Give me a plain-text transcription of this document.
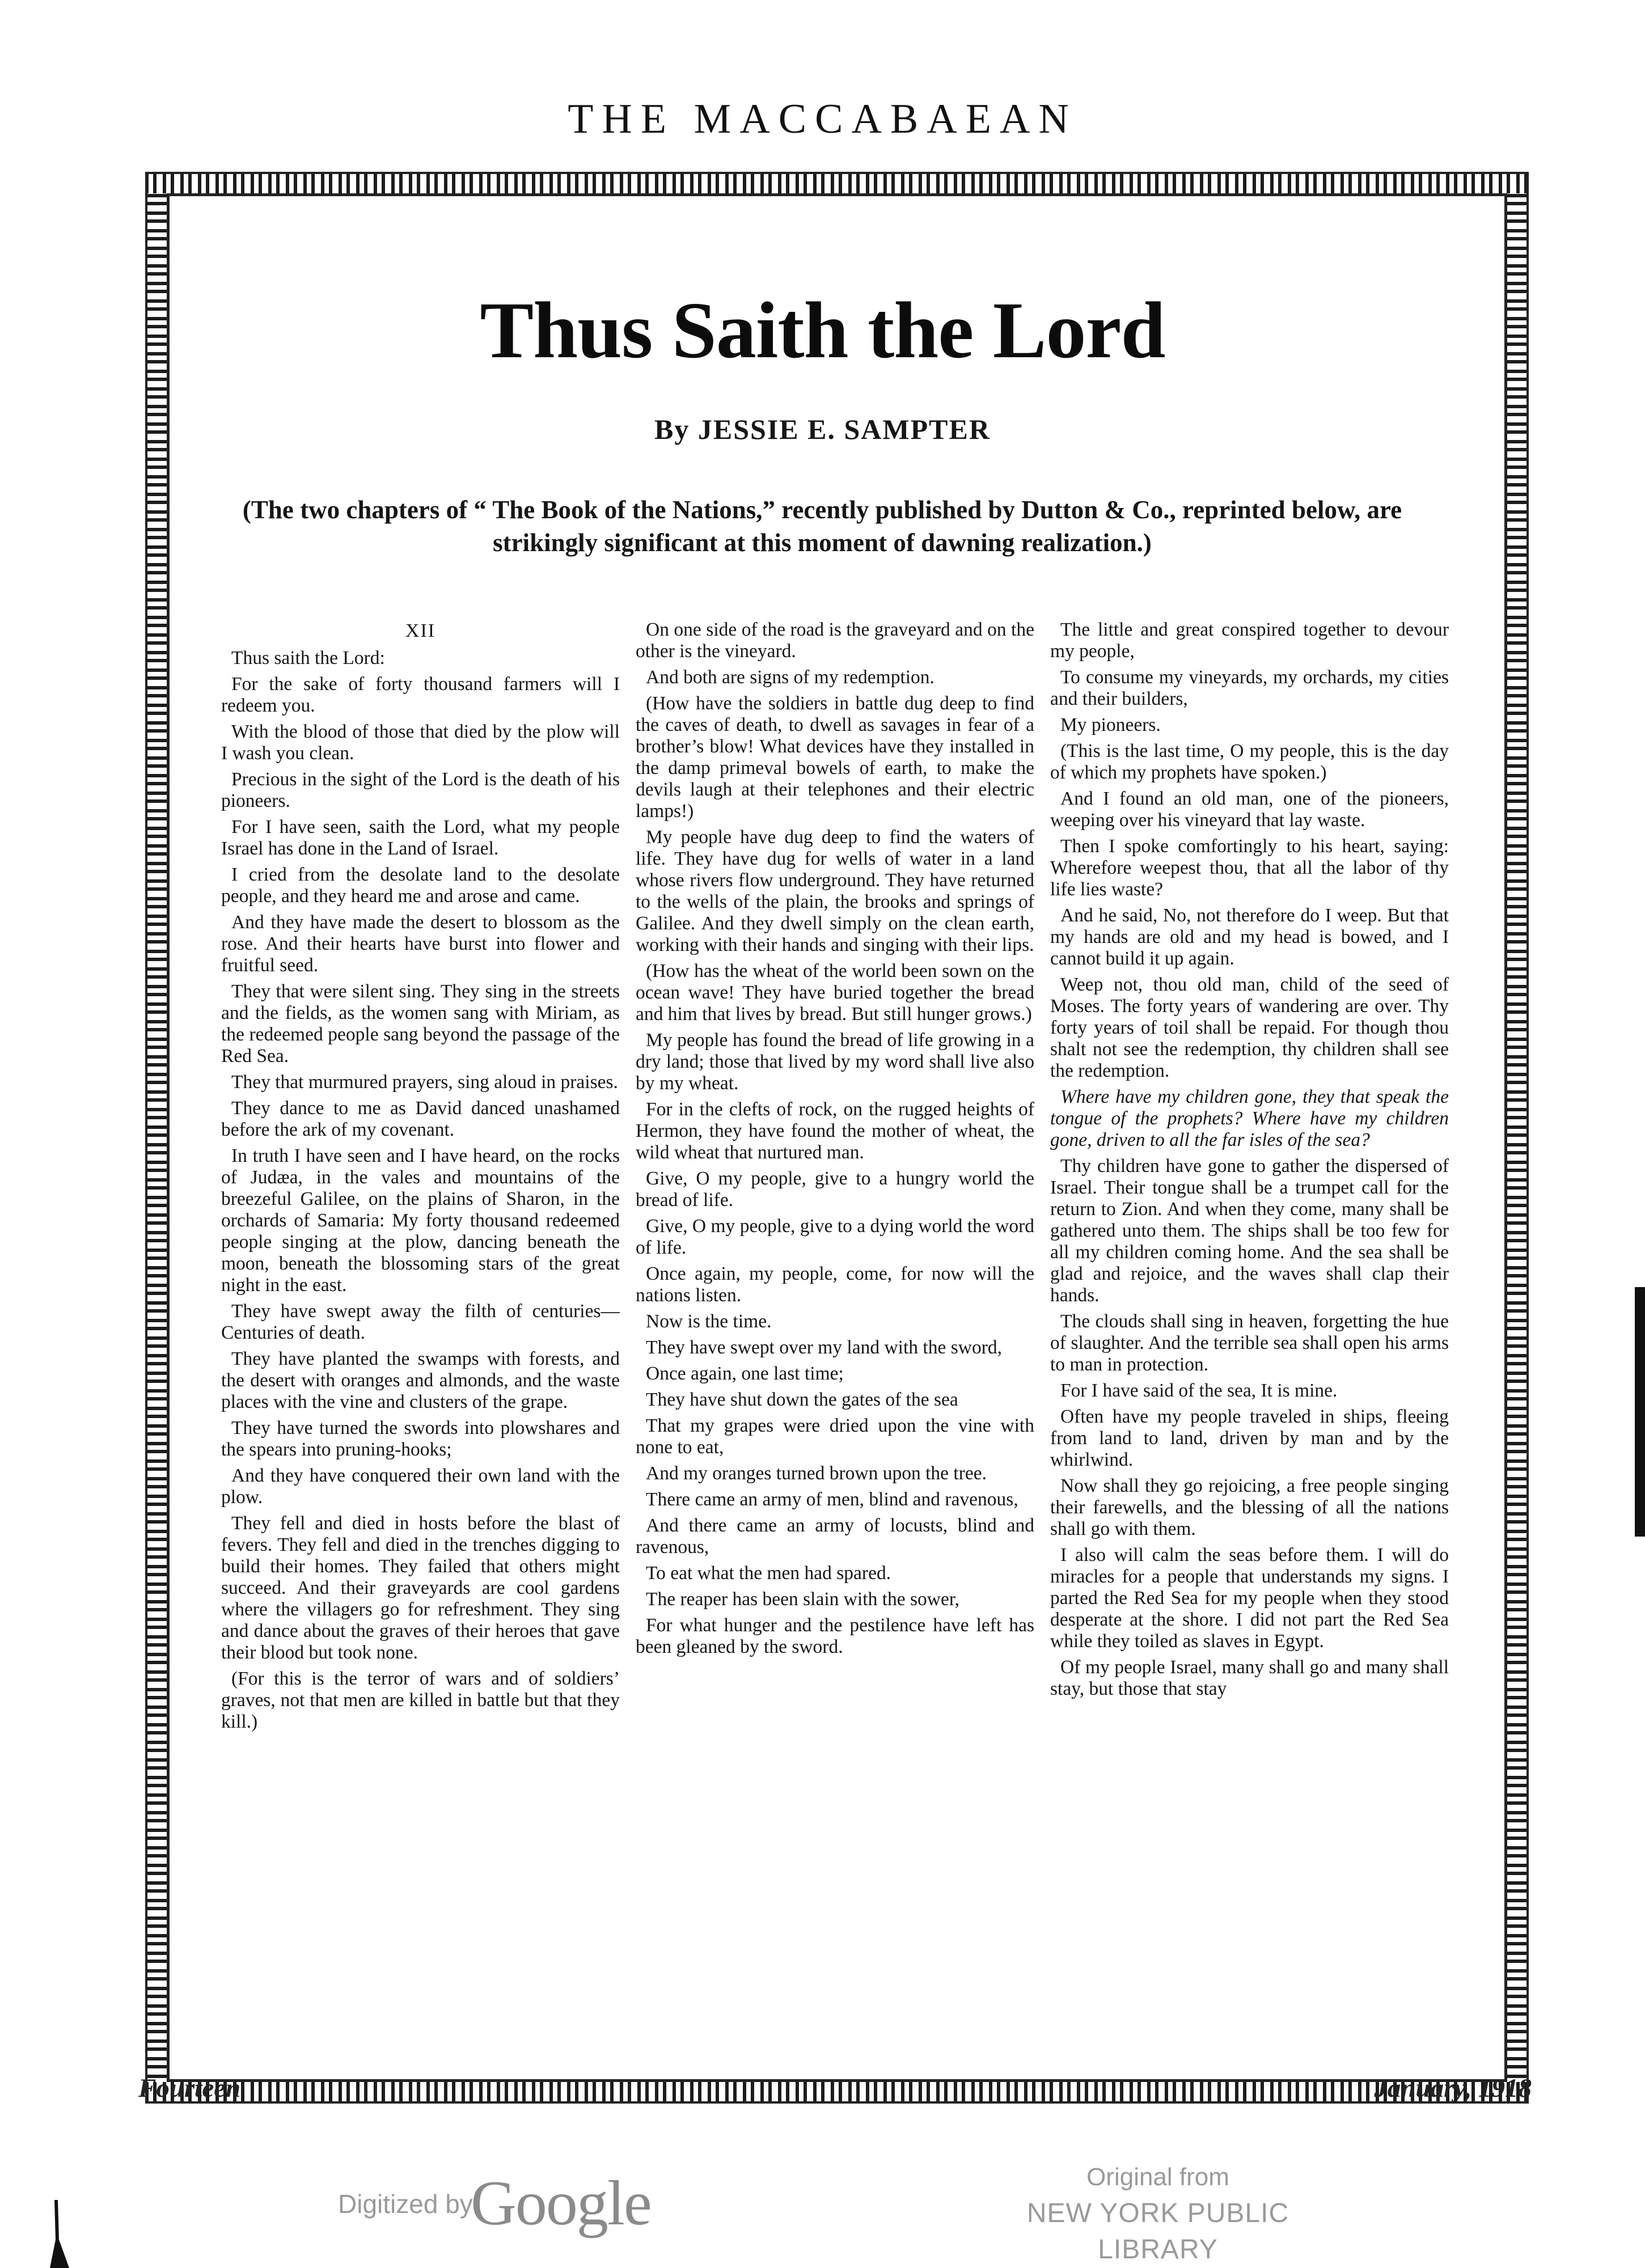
THE MACCABAEAN
Thus Saith the Lord
By JESSIE E. SAMPTER
(The two chapters of “ The Book of the Nations,” recently published by Dutton & Co., reprinted below, are strikingly significant at this moment of dawning realization.)
XII

Thus saith the Lord:

For the sake of forty thousand farmers will I redeem you.

With the blood of those that died by the plow will I wash you clean.

Precious in the sight of the Lord is the death of his pioneers.

For I have seen, saith the Lord, what my people Israel has done in the Land of Israel.

I cried from the desolate land to the desolate people, and they heard me and arose and came.

And they have made the desert to blossom as the rose. And their hearts have burst into flower and fruitful seed.

They that were silent sing. They sing in the streets and the fields, as the women sang with Miriam, as the redeemed people sang beyond the passage of the Red Sea.

They that murmured prayers, sing aloud in praises.

They dance to me as David danced unashamed before the ark of my covenant.

In truth I have seen and I have heard, on the rocks of Judæa, in the vales and mountains of the breezeful Galilee, on the plains of Sharon, in the orchards of Samaria: My forty thousand redeemed people singing at the plow, dancing beneath the moon, beneath the blossoming stars of the great night in the east.

They have swept away the filth of centuries—Centuries of death.

They have planted the swamps with forests, and the desert with oranges and almonds, and the waste places with the vine and clusters of the grape.

They have turned the swords into plowshares and the spears into pruning-hooks;

And they have conquered their own land with the plow.

They fell and died in hosts before the blast of fevers. They fell and died in the trenches digging to build their homes. They failed that others might succeed. And their graveyards are cool gardens where the villagers go for refreshment. They sing and dance about the graves of their heroes that gave their blood but took none.

(For this is the terror of wars and of soldiers’ graves, not that men are killed in battle but that they kill.)

On one side of the road is the graveyard and on the other is the vineyard.

And both are signs of my redemption.

(How have the soldiers in battle dug deep to find the caves of death, to dwell as savages in fear of a brother’s blow! What devices have they installed in the damp primeval bowels of earth, to make the devils laugh at their telephones and their electric lamps!)

My people have dug deep to find the waters of life. They have dug for wells of water in a land whose rivers flow underground. They have returned to the wells of the plain, the brooks and springs of Galilee. And they dwell simply on the clean earth, working with their hands and singing with their lips.

(How has the wheat of the world been sown on the ocean wave! They have buried together the bread and him that lives by bread. But still hunger grows.)

My people has found the bread of life growing in a dry land; those that lived by my word shall live also by my wheat.

For in the clefts of rock, on the rugged heights of Hermon, they have found the mother of wheat, the wild wheat that nurtured man.

Give, O my people, give to a hungry world the bread of life.

Give, O my people, give to a dying world the word of life.

Once again, my people, come, for now will the nations listen.

Now is the time.

They have swept over my land with the sword,

Once again, one last time;

They have shut down the gates of the sea

That my grapes were dried upon the vine with none to eat,

And my oranges turned brown upon the tree.

There came an army of men, blind and ravenous,

And there came an army of locusts, blind and ravenous,

To eat what the men had spared.

The reaper has been slain with the sower,

For what hunger and the pestilence have left has been gleaned by the sword.

The little and great conspired together to devour my people,

To consume my vineyards, my orchards, my cities and their builders,

My pioneers.

(This is the last time, O my people, this is the day of which my prophets have spoken.)

And I found an old man, one of the pioneers, weeping over his vineyard that lay waste.

Then I spoke comfortingly to his heart, saying: Wherefore weepest thou, that all the labor of thy life lies waste?

And he said, No, not therefore do I weep. But that my hands are old and my head is bowed, and I cannot build it up again.

Weep not, thou old man, child of the seed of Moses. The forty years of wandering are over. Thy forty years of toil shall be repaid. For though thou shalt not see the redemption, thy children shall see the redemption.

Where have my children gone, they that speak the tongue of the prophets? Where have my children gone, driven to all the far isles of the sea?

Thy children have gone to gather the dispersed of Israel. Their tongue shall be a trumpet call for the return to Zion. And when they come, many shall be gathered unto them. The ships shall be too few for all my children coming home. And the sea shall be glad and rejoice, and the waves shall clap their hands.

The clouds shall sing in heaven, forgetting the hue of slaughter. And the terrible sea shall open his arms to man in protection.

For I have said of the sea, It is mine.

Often have my people traveled in ships, fleeing from land to land, driven by man and by the whirlwind.

Now shall they go rejoicing, a free people singing their farewells, and the blessing of all the nations shall go with them.

I also will calm the seas before them. I will do miracles for a people that understands my signs. I parted the Red Sea for my people when they stood desperate at the shore. I did not part the Red Sea while they toiled as slaves in Egypt.

Of my people Israel, many shall go and many shall stay, but those that stay

Fourteen	January, 1918
Digitized by
Google	Original from
NEW YORK PUBLIC LIBRARY
